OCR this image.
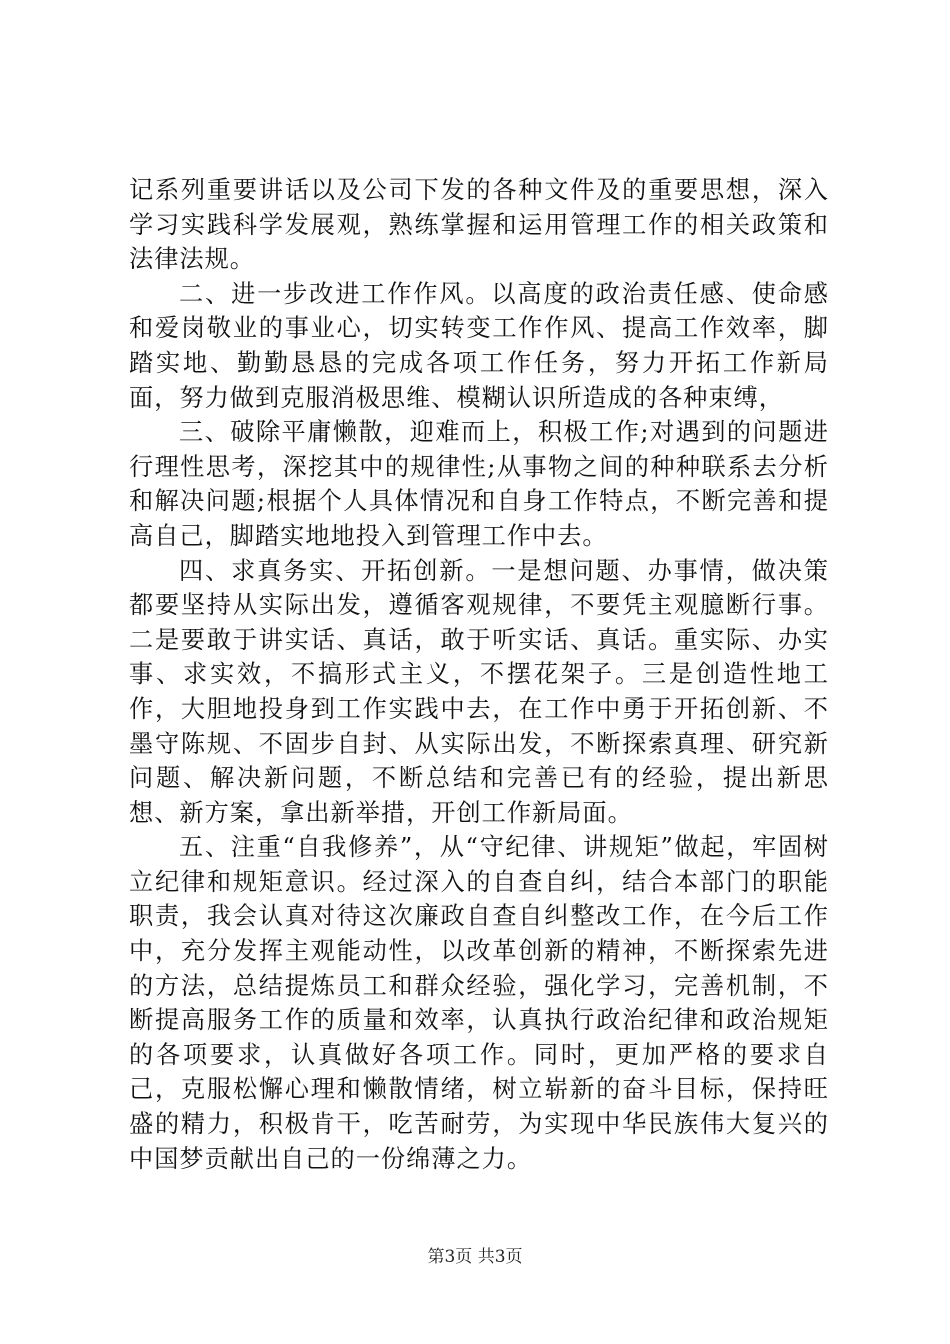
记系列重要讲话以及公司下发的各种文件及的重要思想，深入学习实践科学发展观，熟练掌握和运用管理工作的相关政策和法律法规。

二、进一步改进工作作风。以高度的政治责任感、使命感和爱岗敬业的事业心，切实转变工作作风、提高工作效率，脚踏实地、勤勤恳恳的完成各项工作任务，努力开拓工作新局面，努力做到克服消极思维、模糊认识所造成的各种束缚，

三、破除平庸懒散，迎难而上，积极工作;对遇到的问题进行理性思考，深挖其中的规律性;从事物之间的种种联系去分析和解决问题;根据个人具体情况和自身工作特点，不断完善和提高自己，脚踏实地地投入到管理工作中去。

四、求真务实、开拓创新。一是想问题、办事情，做决策都要坚持从实际出发，遵循客观规律，不要凭主观臆断行事。二是要敢于讲实话、真话，敢于听实话、真话。重实际、办实事、求实效，不搞形式主义，不摆花架子。三是创造性地工作，大胆地投身到工作实践中去，在工作中勇于开拓创新、不墨守陈规、不固步自封、从实际出发，不断探索真理、研究新问题、解决新问题，不断总结和完善已有的经验，提出新思想、新方案，拿出新举措，开创工作新局面。

五、注重“自我修养”，从“守纪律、讲规矩”做起，牢固树立纪律和规矩意识。经过深入的自查自纠，结合本部门的职能职责，我会认真对待这次廉政自查自纠整改工作，在今后工作中，充分发挥主观能动性，以改革创新的精神，不断探索先进的方法，总结提炼员工和群众经验，强化学习，完善机制，不断提高服务工作的质量和效率，认真执行政治纪律和政治规矩的各项要求，认真做好各项工作。同时，更加严格的要求自己，克服松懈心理和懒散情绪，树立崭新的奋斗目标，保持旺盛的精力，积极肯干，吃苦耐劳，为实现中华民族伟大复兴的中国梦贡献出自己的一份绵薄之力。

第3页 共3页
